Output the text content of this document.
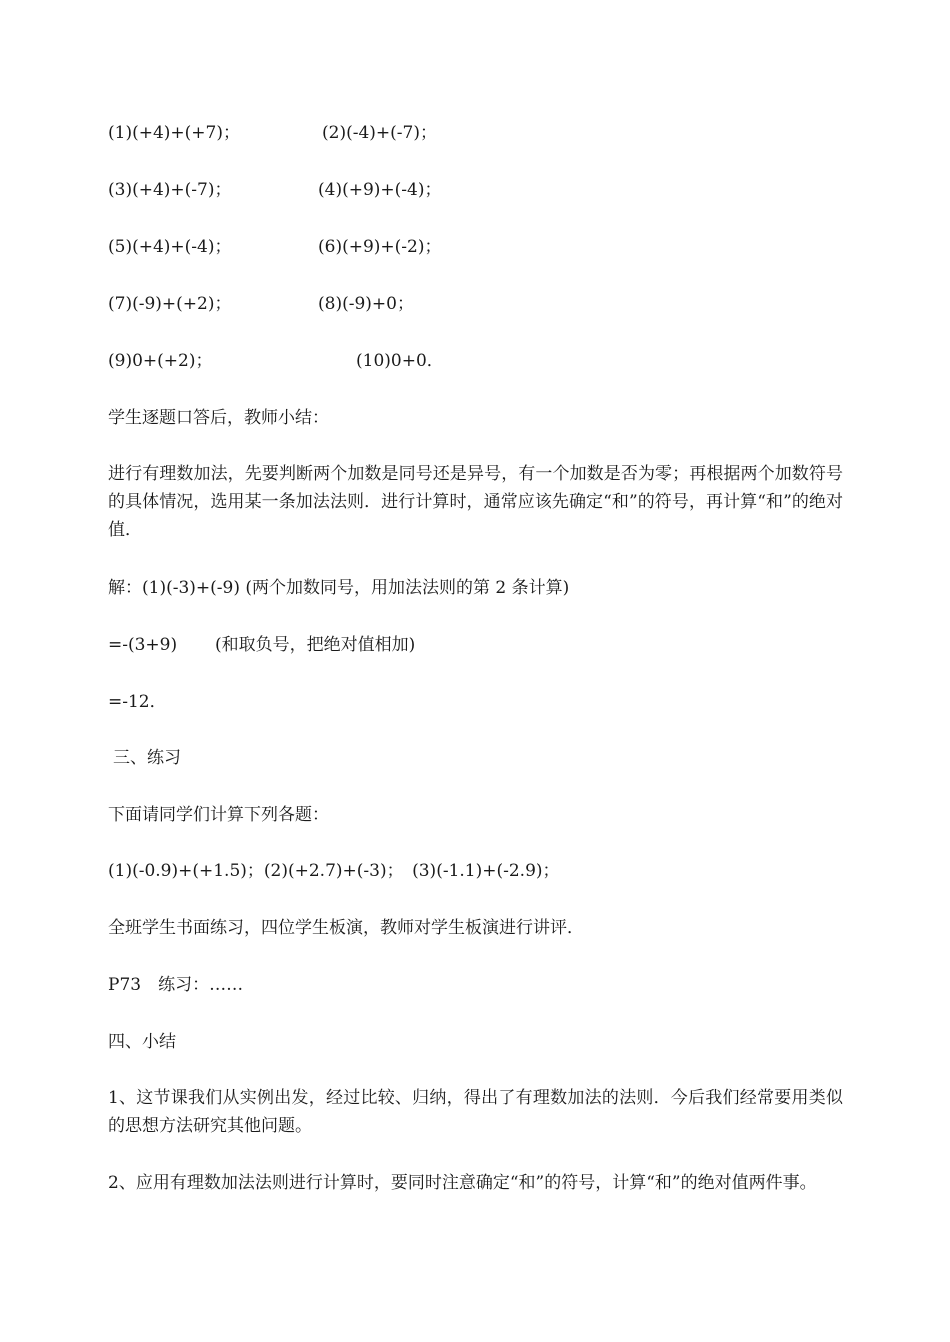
(1)(+4)+(+7)；	(2)(-4)+(-7)；
(3)(+4)+(-7)；	(4)(+9)+(-4)；
(5)(+4)+(-4)；	(6)(+9)+(-2)；
(7)(-9)+(+2)；	(8)(-9)+0；
(9)0+(+2)；	(10)0+0．
学生逐题口答后，教师小结：
进行有理数加法，先要判断两个加数是同号还是异号，有一个加数是否为零；再根据两个加数符号的具体情况，选用某一条加法法则．进行计算时，通常应该先确定“和”的符号，再计算“和”的绝对值．
解：(1)(-3)+(-9) (两个加数同号，用加法法则的第 2 条计算)
=-(3+9) (和取负号，把绝对值相加)
=-12．
三、练习
下面请同学们计算下列各题：
(1)(-0.9)+(+1.5)；(2)(+2.7)+(-3)；　(3)(-1.1)+(-2.9)；
全班学生书面练习，四位学生板演，教师对学生板演进行讲评．
P73　练习：……
四、小结
1、这节课我们从实例出发，经过比较、归纳，得出了有理数加法的法则．今后我们经常要用类似的思想方法研究其他问题。
2、应用有理数加法法则进行计算时，要同时注意确定“和”的符号，计算“和”的绝对值两件事。
